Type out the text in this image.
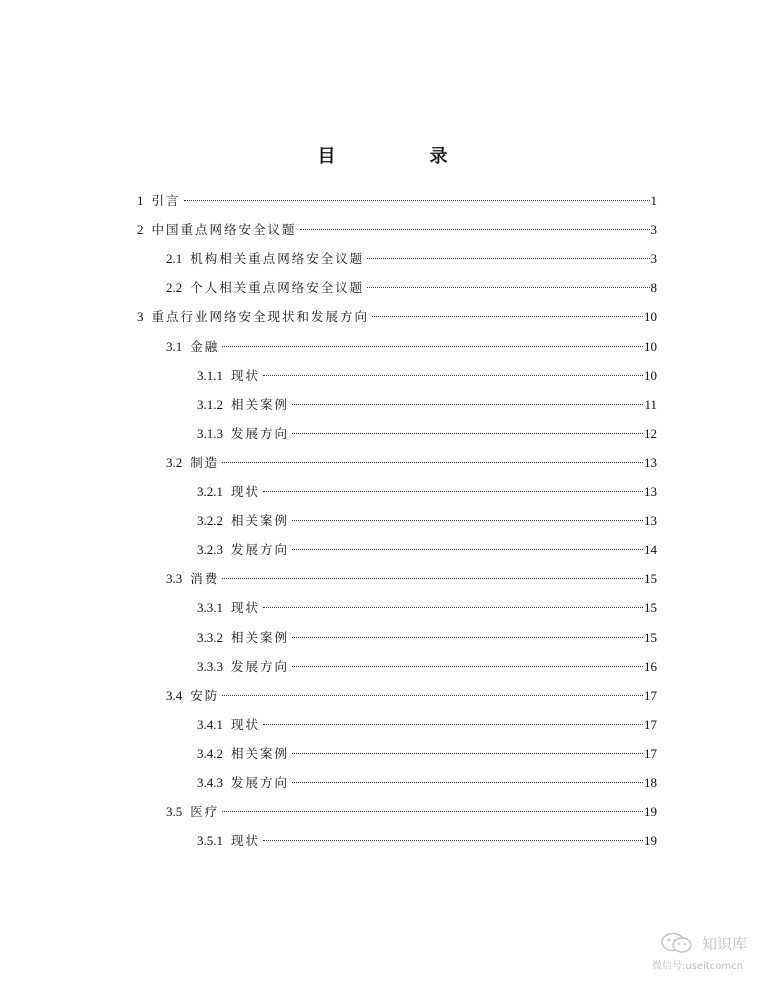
目　录
1 引言	1
2 中国重点网络安全议题	3
2.1 机构相关重点网络安全议题	3
2.2 个人相关重点网络安全议题	8
3 重点行业网络安全现状和发展方向	10
3.1 金融	10
3.1.1 现状	10
3.1.2 相关案例	11
3.1.3 发展方向	12
3.2 制造	13
3.2.1 现状	13
3.2.2 相关案例	13
3.2.3 发展方向	14
3.3 消费	15
3.3.1 现状	15
3.3.2 相关案例	15
3.3.3 发展方向	16
3.4 安防	17
3.4.1 现状	17
3.4.2 相关案例	17
3.4.3 发展方向	18
3.5 医疗	19
3.5.1 现状	19
知识库
微信号:useitcomcn
